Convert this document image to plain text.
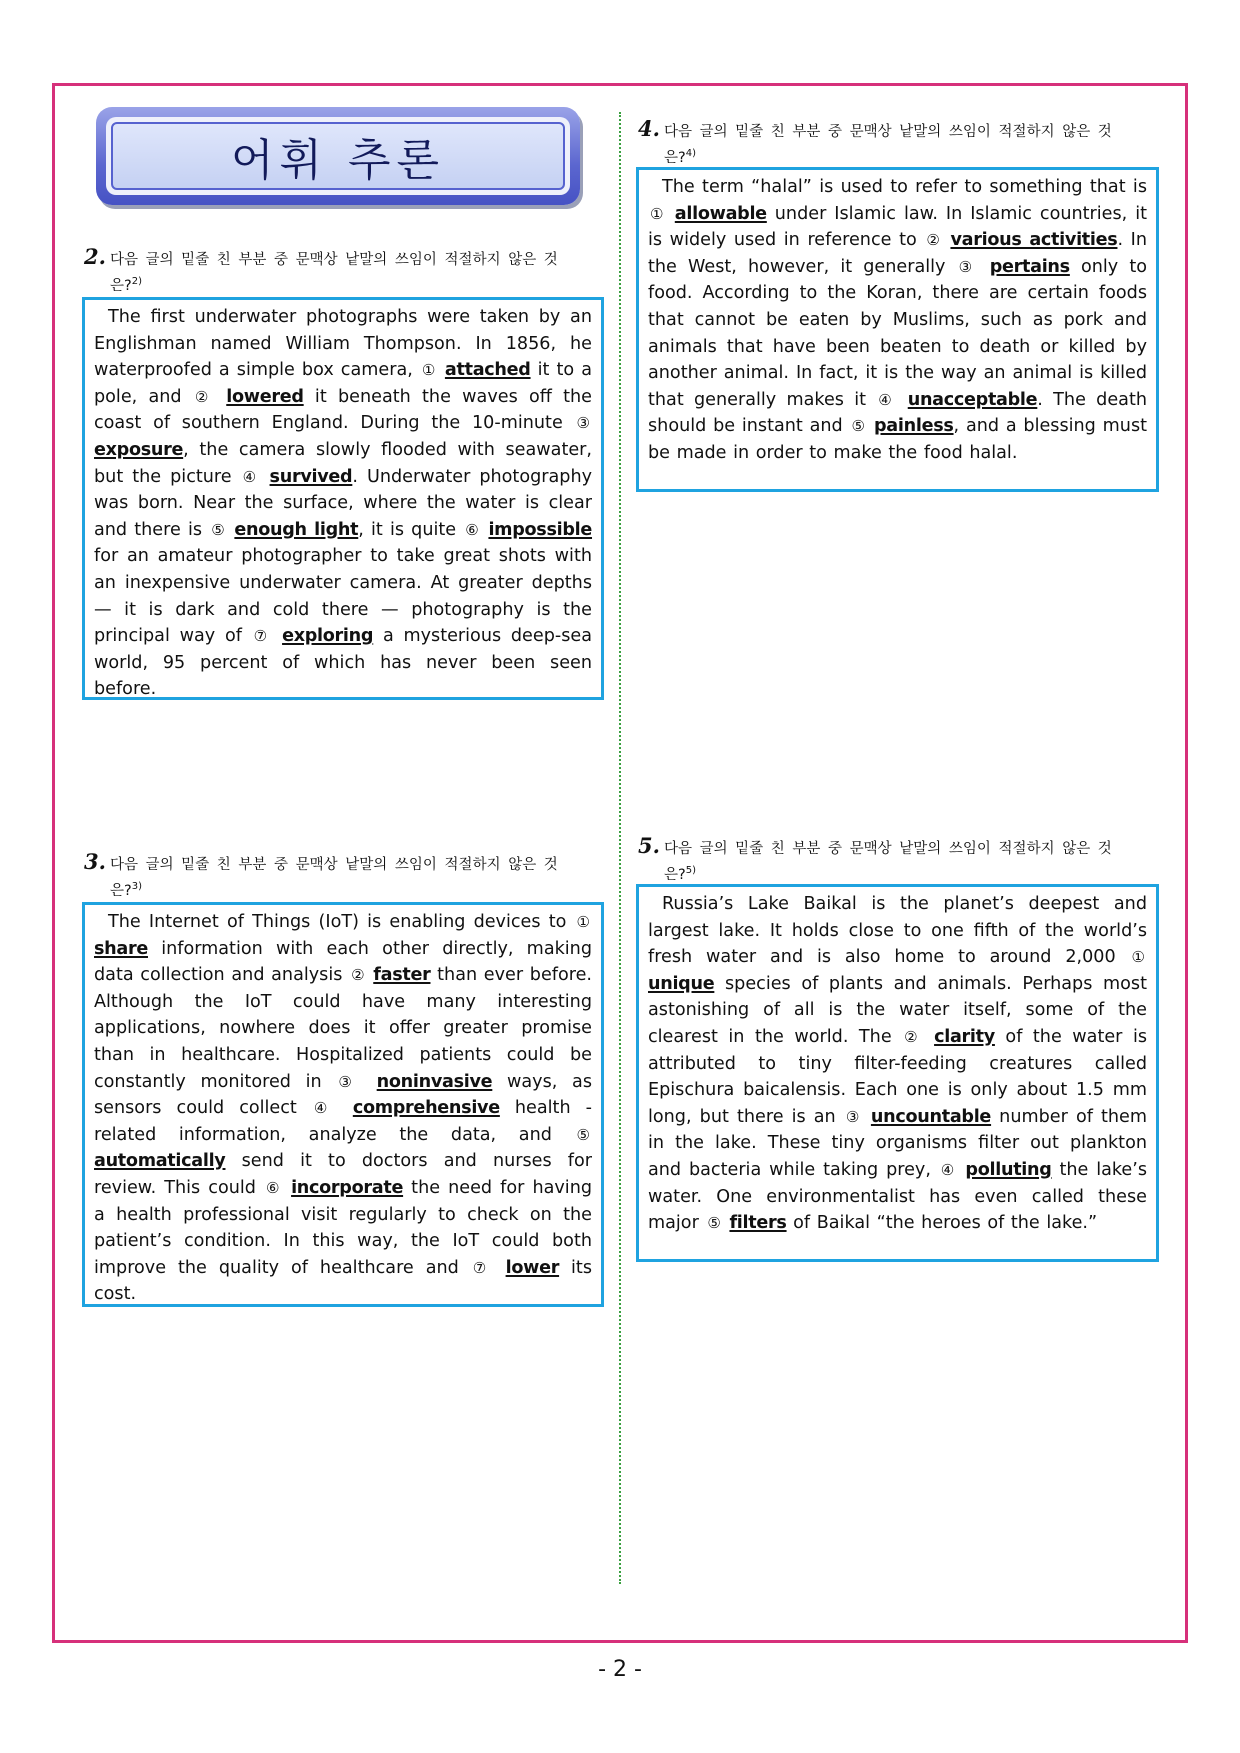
어휘 추론
2. 다음 글의 밑줄 친 부분 중 문맥상 낱말의 쓰임이 적절하지 않은 것
은?$^{2)}$
The first underwater photographs were taken by an Englishman named William Thompson. In 1856, he waterproofed a simple box camera, ① attached it to a pole, and ② lowered it beneath the waves off the coast of southern England. During the 10-minute ③ exposure, the camera slowly flooded with seawater, but the picture ④ survived. Underwater photography was born. Near the surface, where the water is clear and there is ⑤ enough light, it is quite ⑥ impossible for an amateur photographer to take great shots with an inexpensive underwater camera. At greater depths — it is dark and cold there — photography is the principal way of ⑦ exploring a mysterious deep-sea world, 95 percent of which has never been seen before.
3. 다음 글의 밑줄 친 부분 중 문맥상 낱말의 쓰임이 적절하지 않은 것
은?$^{3)}$
The Internet of Things (IoT) is enabling devices to ① share information with each other directly, making data collection and analysis ② faster than ever before. Although the IoT could have many interesting applications, nowhere does it offer greater promise than in healthcare. Hospitalized patients could be constantly monitored in ③ noninvasive ways, as sensors could collect ④ comprehensive health - related information, analyze the data, and ⑤ automatically send it to doctors and nurses for review. This could ⑥ incorporate the need for having a health professional visit regularly to check on the patient’s condition. In this way, the IoT could both improve the quality of healthcare and ⑦ lower its cost.
4. 다음 글의 밑줄 친 부분 중 문맥상 낱말의 쓰임이 적절하지 않은 것
은?$^{4)}$
The term “halal” is used to refer to something that is ① allowable under Islamic law. In Islamic countries, it is widely used in reference to ② various activities. In the West, however, it generally ③ pertains only to food. According to the Koran, there are certain foods that cannot be eaten by Muslims, such as pork and animals that have been beaten to death or killed by another animal. In fact, it is the way an animal is killed that generally makes it ④ unacceptable. The death should be instant and ⑤ painless, and a blessing must be made in order to make the food halal.
5. 다음 글의 밑줄 친 부분 중 문맥상 낱말의 쓰임이 적절하지 않은 것
은?$^{5)}$
Russia’s Lake Baikal is the planet’s deepest and largest lake. It holds close to one fifth of the world’s fresh water and is also home to around 2,000 ① unique species of plants and animals. Perhaps most astonishing of all is the water itself, some of the clearest in the world. The ② clarity of the water is attributed to tiny filter-feeding creatures called Epischura baicalensis. Each one is only about 1.5 mm long, but there is an ③ uncountable number of them in the lake. These tiny organisms filter out plankton and bacteria while taking prey, ④ polluting the lake’s water. One environmentalist has even called these major ⑤ filters of Baikal “the heroes of the lake.”
- 2 -
